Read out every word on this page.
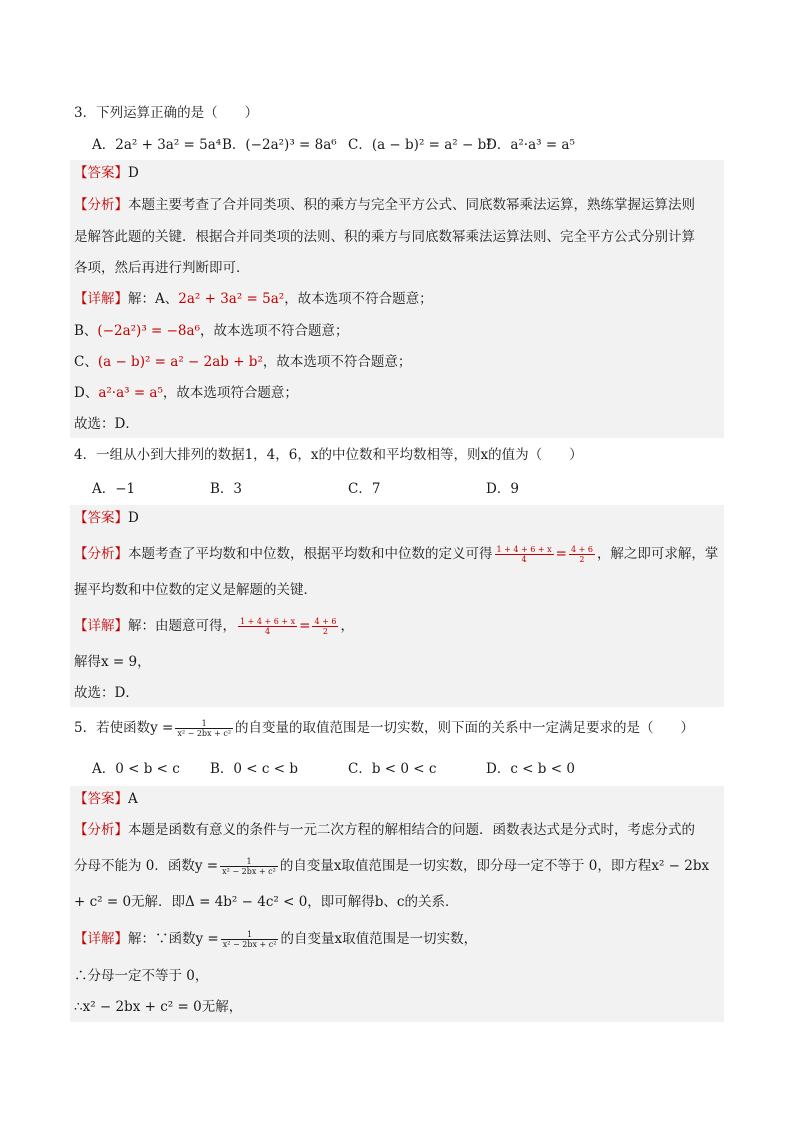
3．下列运算正确的是（　　）
A．2a² + 3a² = 5a⁴ B．(−2a²)³ = 8a⁶ C．(a − b)² = a² − b²
D．a²·a³ = a⁵
【答案】D
【分析】本题主要考查了合并同类项、积的乘方与完全平方公式、同底数幂乘法运算，熟练掌握运算法则
是解答此题的关键．根据合并同类项的法则、积的乘方与同底数幂乘法运算法则、完全平方公式分别计算
各项，然后再进行判断即可．
【详解】解：A、2a² + 3a² = 5a²，故本选项不符合题意；
B、(−2a²)³ = −8a⁶，故本选项不符合题意；
C、(a − b)² = a² − 2ab + b²，故本选项不符合题意；
D、a²·a³ = a⁵，故本选项符合题意；
故选：D．
4．一组从小到大排列的数据1，4，6，x的中位数和平均数相等，则x的值为（　　）
A．−1	B．3	C．7	D．9
【答案】D
【分析】本题考查了平均数和中位数，根据平均数和中位数的定义可得 $\frac{1 + 4 + 6 + x}{4} = \frac{4 + 6}{2}$ ，解之即可求解，掌
握平均数和中位数的定义是解题的关键．
【详解】解：由题意可得， $\frac{1 + 4 + 6 + x}{4} = \frac{4 + 6}{2}$ ，
解得x = 9，
故选：D．
5．若使函数$y = \frac{1}{\text{x² − 2bx + c²}}$ 的自变量的取值范围是一切实数，则下面的关系中一定满足要求的是（　　）
A．0 < b < c B．0 < c < b	C．b < 0 < c	D．c < b < 0
【答案】A
【分析】本题是函数有意义的条件与一元二次方程的解相结合的问题．函数表达式是分式时，考虑分式的
分母不能为 0．函数$y = \frac{1}{\text{x² − 2bx + c²}}$ 的自变量x取值范围是一切实数，即分母一定不等于 0，即方程x² − 2bx
+ c² = 0无解．即Δ = 4b² − 4c² < 0，即可解得b、c的关系．
【详解】解：∵函数$y = \frac{1}{\text{x² − 2bx + c²}}$ 的自变量x取值范围是一切实数，
∴分母一定不等于 0，
∴x² − 2bx + c² = 0无解，
